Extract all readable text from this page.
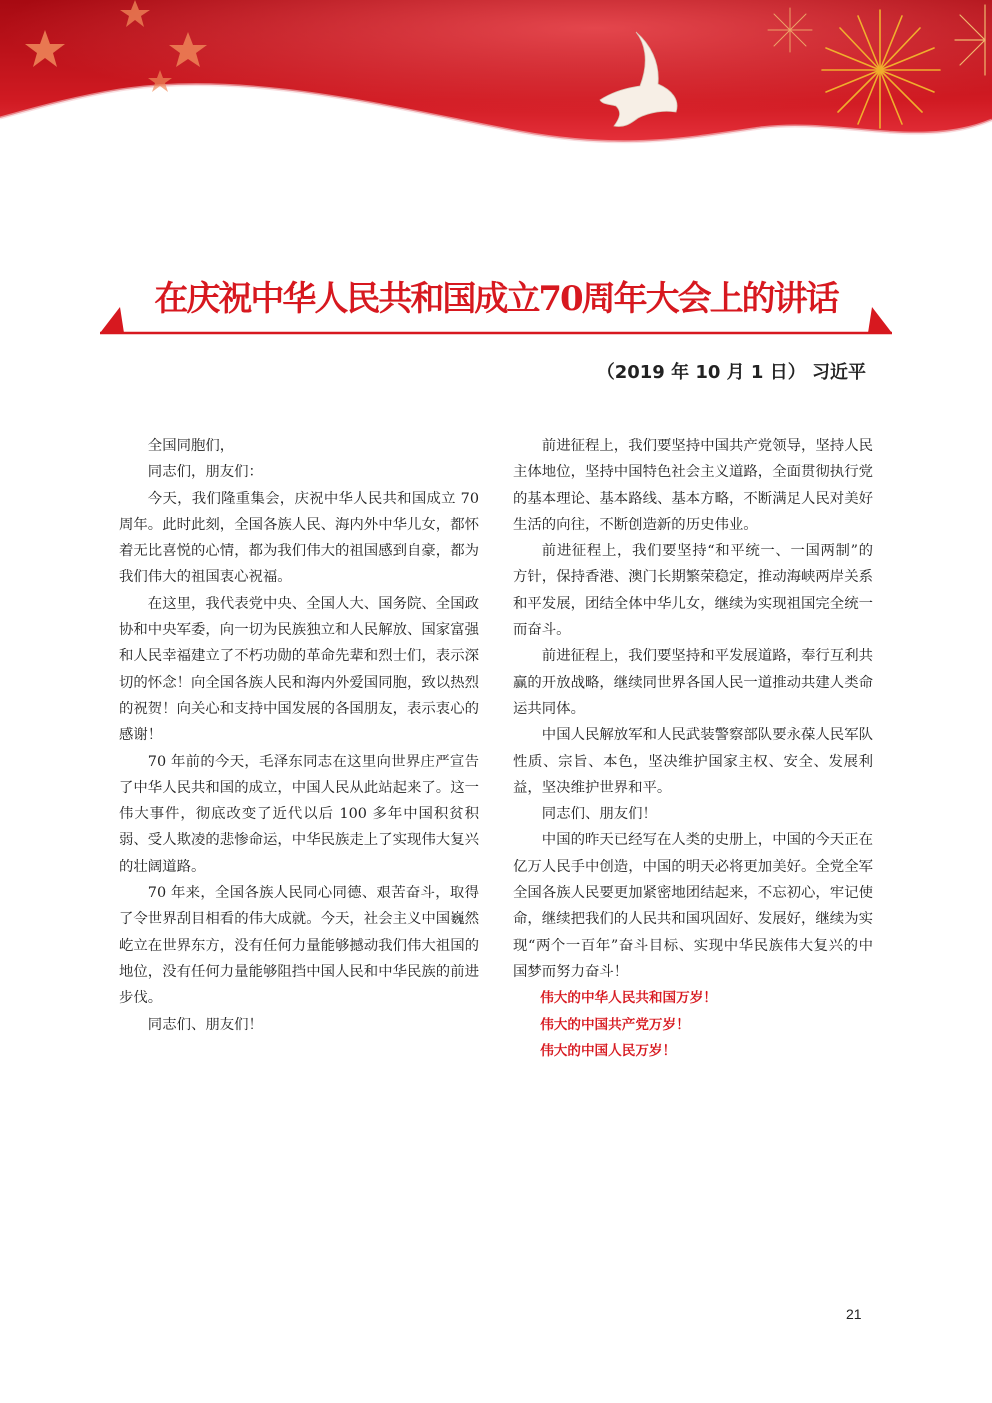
在庆祝中华人民共和国成立70周年大会上的讲话
（2019 年 10 月 1 日） 习近平

全国同胞们，

同志们，朋友们：

今天，我们隆重集会，庆祝中华人民共和国成立 70 周年。此时此刻，全国各族人民、海内外中华儿女，都怀着无比喜悦的心情，都为我们伟大的祖国感到自豪，都为我们伟大的祖国衷心祝福。

在这里，我代表党中央、全国人大、国务院、全国政协和中央军委，向一切为民族独立和人民解放、国家富强和人民幸福建立了不朽功勋的革命先辈和烈士们，表示深切的怀念！向全国各族人民和海内外爱国同胞，致以热烈的祝贺！向关心和支持中国发展的各国朋友，表示衷心的感谢！

70 年前的今天，毛泽东同志在这里向世界庄严宣告了中华人民共和国的成立，中国人民从此站起来了。这一伟大事件，彻底改变了近代以后 100 多年中国积贫积弱、受人欺凌的悲惨命运，中华民族走上了实现伟大复兴的壮阔道路。

70 年来，全国各族人民同心同德、艰苦奋斗，取得了令世界刮目相看的伟大成就。今天，社会主义中国巍然屹立在世界东方，没有任何力量能够撼动我们伟大祖国的地位，没有任何力量能够阻挡中国人民和中华民族的前进步伐。

同志们、朋友们！

前进征程上，我们要坚持中国共产党领导，坚持人民主体地位，坚持中国特色社会主义道路，全面贯彻执行党的基本理论、基本路线、基本方略，不断满足人民对美好生活的向往，不断创造新的历史伟业。

前进征程上，我们要坚持“和平统一、一国两制”的方针，保持香港、澳门长期繁荣稳定，推动海峡两岸关系和平发展，团结全体中华儿女，继续为实现祖国完全统一而奋斗。

前进征程上，我们要坚持和平发展道路，奉行互利共赢的开放战略，继续同世界各国人民一道推动共建人类命运共同体。

中国人民解放军和人民武装警察部队要永葆人民军队性质、宗旨、本色，坚决维护国家主权、安全、发展利益，坚决维护世界和平。

同志们、朋友们！

中国的昨天已经写在人类的史册上，中国的今天正在亿万人民手中创造，中国的明天必将更加美好。全党全军全国各族人民要更加紧密地团结起来，不忘初心，牢记使命，继续把我们的人民共和国巩固好、发展好，继续为实现“两个一百年”奋斗目标、实现中华民族伟大复兴的中国梦而努力奋斗！

伟大的中华人民共和国万岁！

伟大的中国共产党万岁！

伟大的中国人民万岁！

21
